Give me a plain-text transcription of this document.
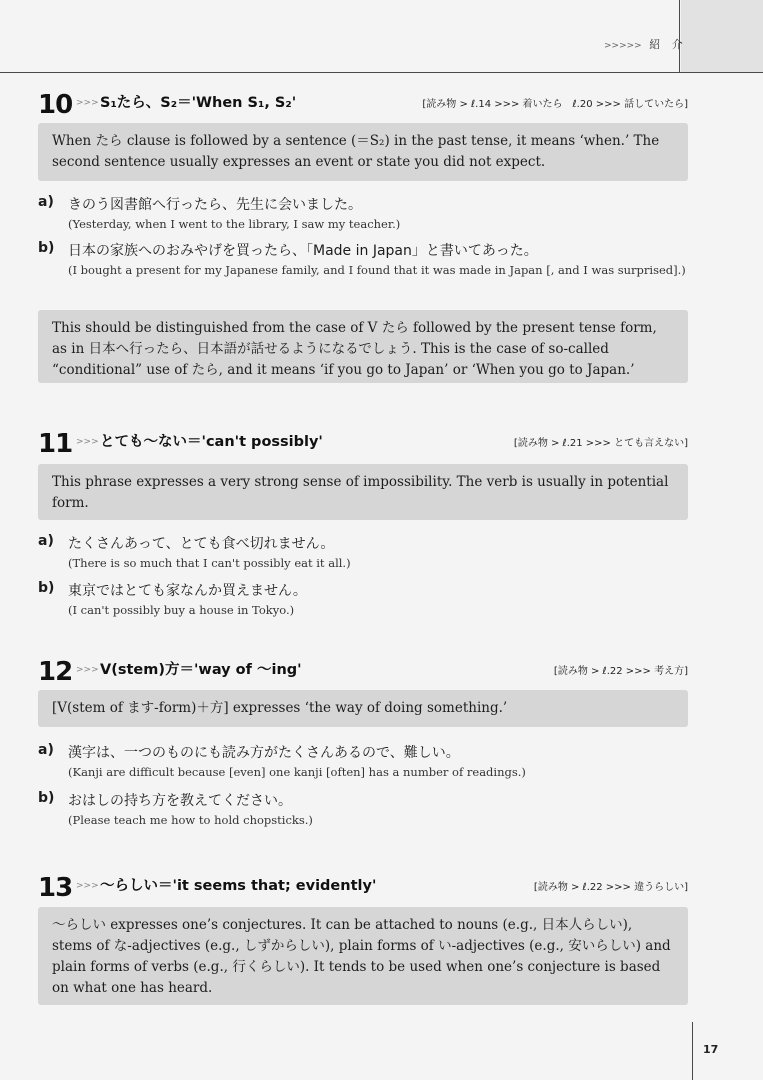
>>>>> 紹 介
10 >>> S₁たら、S₂＝'When S₁, S₂'	[読み物 > ℓ.14 >>> 着いたら　ℓ.20 >>> 話していたら]
When たら clause is followed by a sentence (＝S₂) in the past tense, it means ‘when.’ The second sentence usually expresses an event or state you did not expect.
a) きのう図書館へ行ったら、先生に会いました。
(Yesterday, when I went to the library, I saw my teacher.)
b) 日本の家族へのおみやげを買ったら、「Made in Japan」と書いてあった。
(I bought a present for my Japanese family, and I found that it was made in Japan [, and I was surprised].)
This should be distinguished from the case of V たら followed by the present tense form, as in 日本へ行ったら、日本語が話せるようになるでしょう. This is the case of so-called “conditional” use of たら, and it means ‘if you go to Japan’ or ‘When you go to Japan.’
11 >>> とても～ない＝'can't possibly'	[読み物 > ℓ.21 >>> とても言えない]
This phrase expresses a very strong sense of impossibility. The verb is usually in potential form.
a) たくさんあって、とても食べ切れません。
(There is so much that I can't possibly eat it all.)
b) 東京ではとても家なんか買えません。
(I can't possibly buy a house in Tokyo.)
12 >>> V(stem)方＝'way of ～ing'	[読み物 > ℓ.22 >>> 考え方]
[V(stem of ます-form)＋方] expresses ‘the way of doing something.’
a) 漢字は、一つのものにも読み方がたくさんあるので、難しい。
(Kanji are difficult because [even] one kanji [often] has a number of readings.)
b) おはしの持ち方を教えてください。
(Please teach me how to hold chopsticks.)
13 >>> ～らしい＝'it seems that; evidently'	[読み物 > ℓ.22 >>> 違うらしい]
～らしい expresses one’s conjectures. It can be attached to nouns (e.g., 日本人らしい), stems of な-adjectives (e.g., しずからしい), plain forms of い-adjectives (e.g., 安いらしい) and plain forms of verbs (e.g., 行くらしい). It tends to be used when one’s conjecture is based on what one has heard.
17
